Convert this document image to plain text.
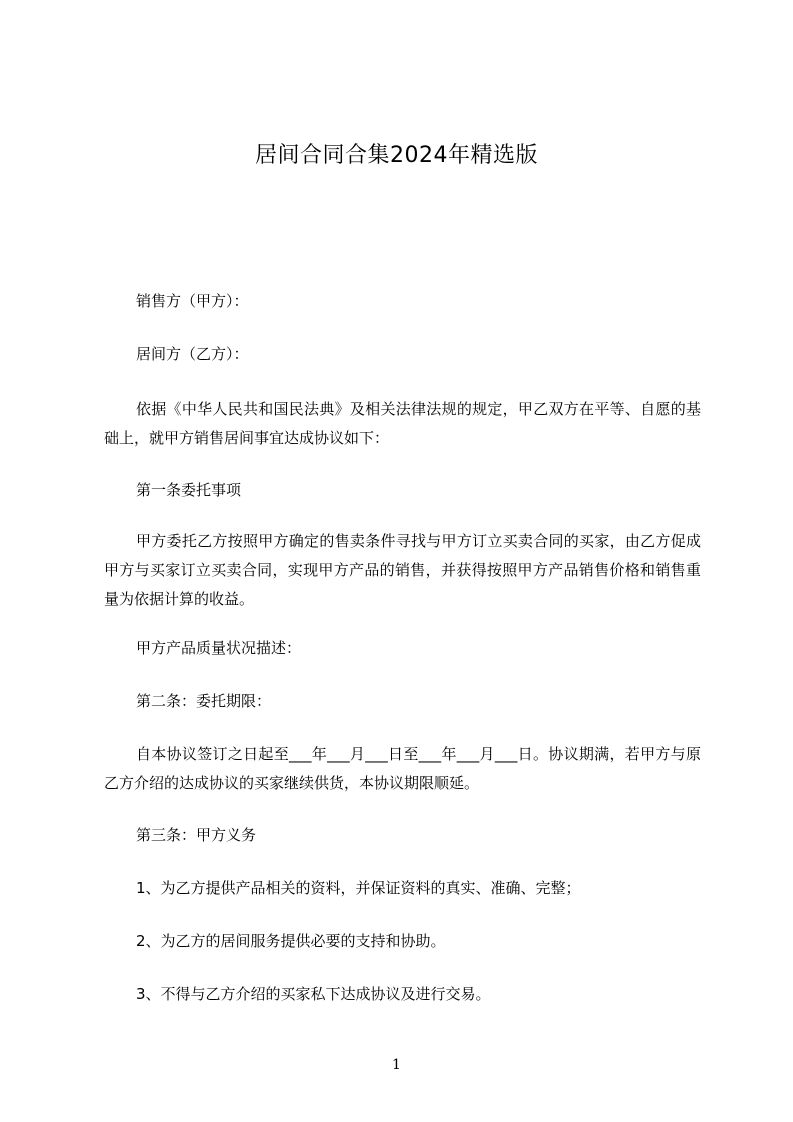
居间合同合集2024年精选版
销售方（甲方）：
居间方（乙方）：
依据《中华人民共和国民法典》及相关法律法规的规定，甲乙双方在平等、自愿的基础上，就甲方销售居间事宜达成协议如下：
第一条委托事项
甲方委托乙方按照甲方确定的售卖条件寻找与甲方订立买卖合同的买家，由乙方促成甲方与买家订立买卖合同，实现甲方产品的销售，并获得按照甲方产品销售价格和销售重量为依据计算的收益。
甲方产品质量状况描述：
第二条：委托期限：
自本协议签订之日起至___年___月___日至___年___月___日。协议期满，若甲方与原乙方介绍的达成协议的买家继续供货，本协议期限顺延。
第三条：甲方义务
1、为乙方提供产品相关的资料，并保证资料的真实、准确、完整；
2、为乙方的居间服务提供必要的支持和协助。
3、不得与乙方介绍的买家私下达成协议及进行交易。
1
